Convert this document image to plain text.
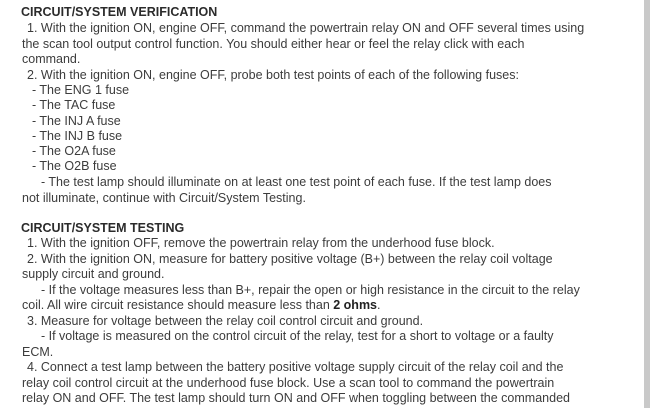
CIRCUIT/SYSTEM VERIFICATION
1. With the ignition ON, engine OFF, command the powertrain relay ON and OFF several times using
the scan tool output control function. You should either hear or feel the relay click with each
command.
2. With the ignition ON, engine OFF, probe both test points of each of the following fuses:
- The ENG 1 fuse
- The TAC fuse
- The INJ A fuse
- The INJ B fuse
- The O2A fuse
- The O2B fuse
- The test lamp should illuminate on at least one test point of each fuse. If the test lamp does
not illuminate, continue with Circuit/System Testing.
CIRCUIT/SYSTEM TESTING
1. With the ignition OFF, remove the powertrain relay from the underhood fuse block.
2. With the ignition ON, measure for battery positive voltage (B+) between the relay coil voltage
supply circuit and ground.
- If the voltage measures less than B+, repair the open or high resistance in the circuit to the relay
coil. All wire circuit resistance should measure less than 2 ohms.
3. Measure for voltage between the relay coil control circuit and ground.
- If voltage is measured on the control circuit of the relay, test for a short to voltage or a faulty
ECM.
4. Connect a test lamp between the battery positive voltage supply circuit of the relay coil and the
relay coil control circuit at the underhood fuse block. Use a scan tool to command the powertrain
relay ON and OFF. The test lamp should turn ON and OFF when toggling between the commanded
